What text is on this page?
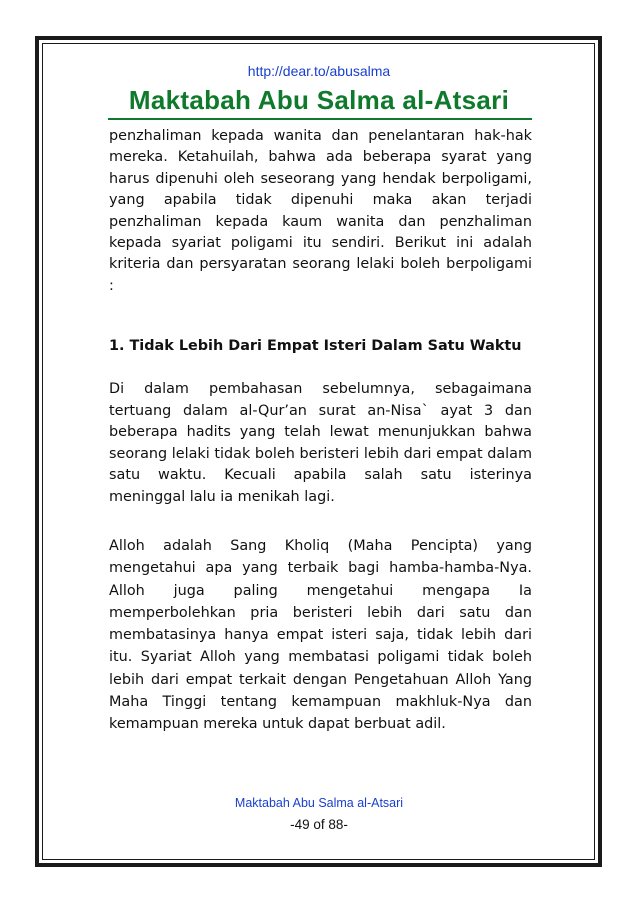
http://dear.to/abusalma
Maktabah Abu Salma al-Atsari

penzhaliman kepada wanita dan penelantaran hak-hak mereka. Ketahuilah, bahwa ada beberapa syarat yang harus dipenuhi oleh seseorang yang hendak berpoligami, yang apabila tidak dipenuhi maka akan terjadi penzhaliman kepada kaum wanita dan penzhaliman kepada syariat poligami itu sendiri. Berikut ini adalah kriteria dan persyaratan seorang lelaki boleh berpoligami :

1. Tidak Lebih Dari Empat Isteri Dalam Satu Waktu

Di dalam pembahasan sebelumnya, sebagaimana tertuang dalam al-Qur’an surat an-Nisa` ayat 3 dan beberapa hadits yang telah lewat menunjukkan bahwa seorang lelaki tidak boleh beristeri lebih dari empat dalam satu waktu. Kecuali apabila salah satu isterinya meninggal lalu ia menikah lagi.

Alloh adalah Sang Kholiq (Maha Pencipta) yang mengetahui apa yang terbaik bagi hamba-hamba-Nya. Alloh juga paling mengetahui mengapa Ia memperbolehkan pria beristeri lebih dari satu dan membatasinya hanya empat isteri saja, tidak lebih dari itu. Syariat Alloh yang membatasi poligami tidak boleh lebih dari empat terkait dengan Pengetahuan Alloh Yang Maha Tinggi tentang kemampuan makhluk-Nya dan kemampuan mereka untuk dapat berbuat adil.

Maktabah Abu Salma al-Atsari
-49 of 88-
